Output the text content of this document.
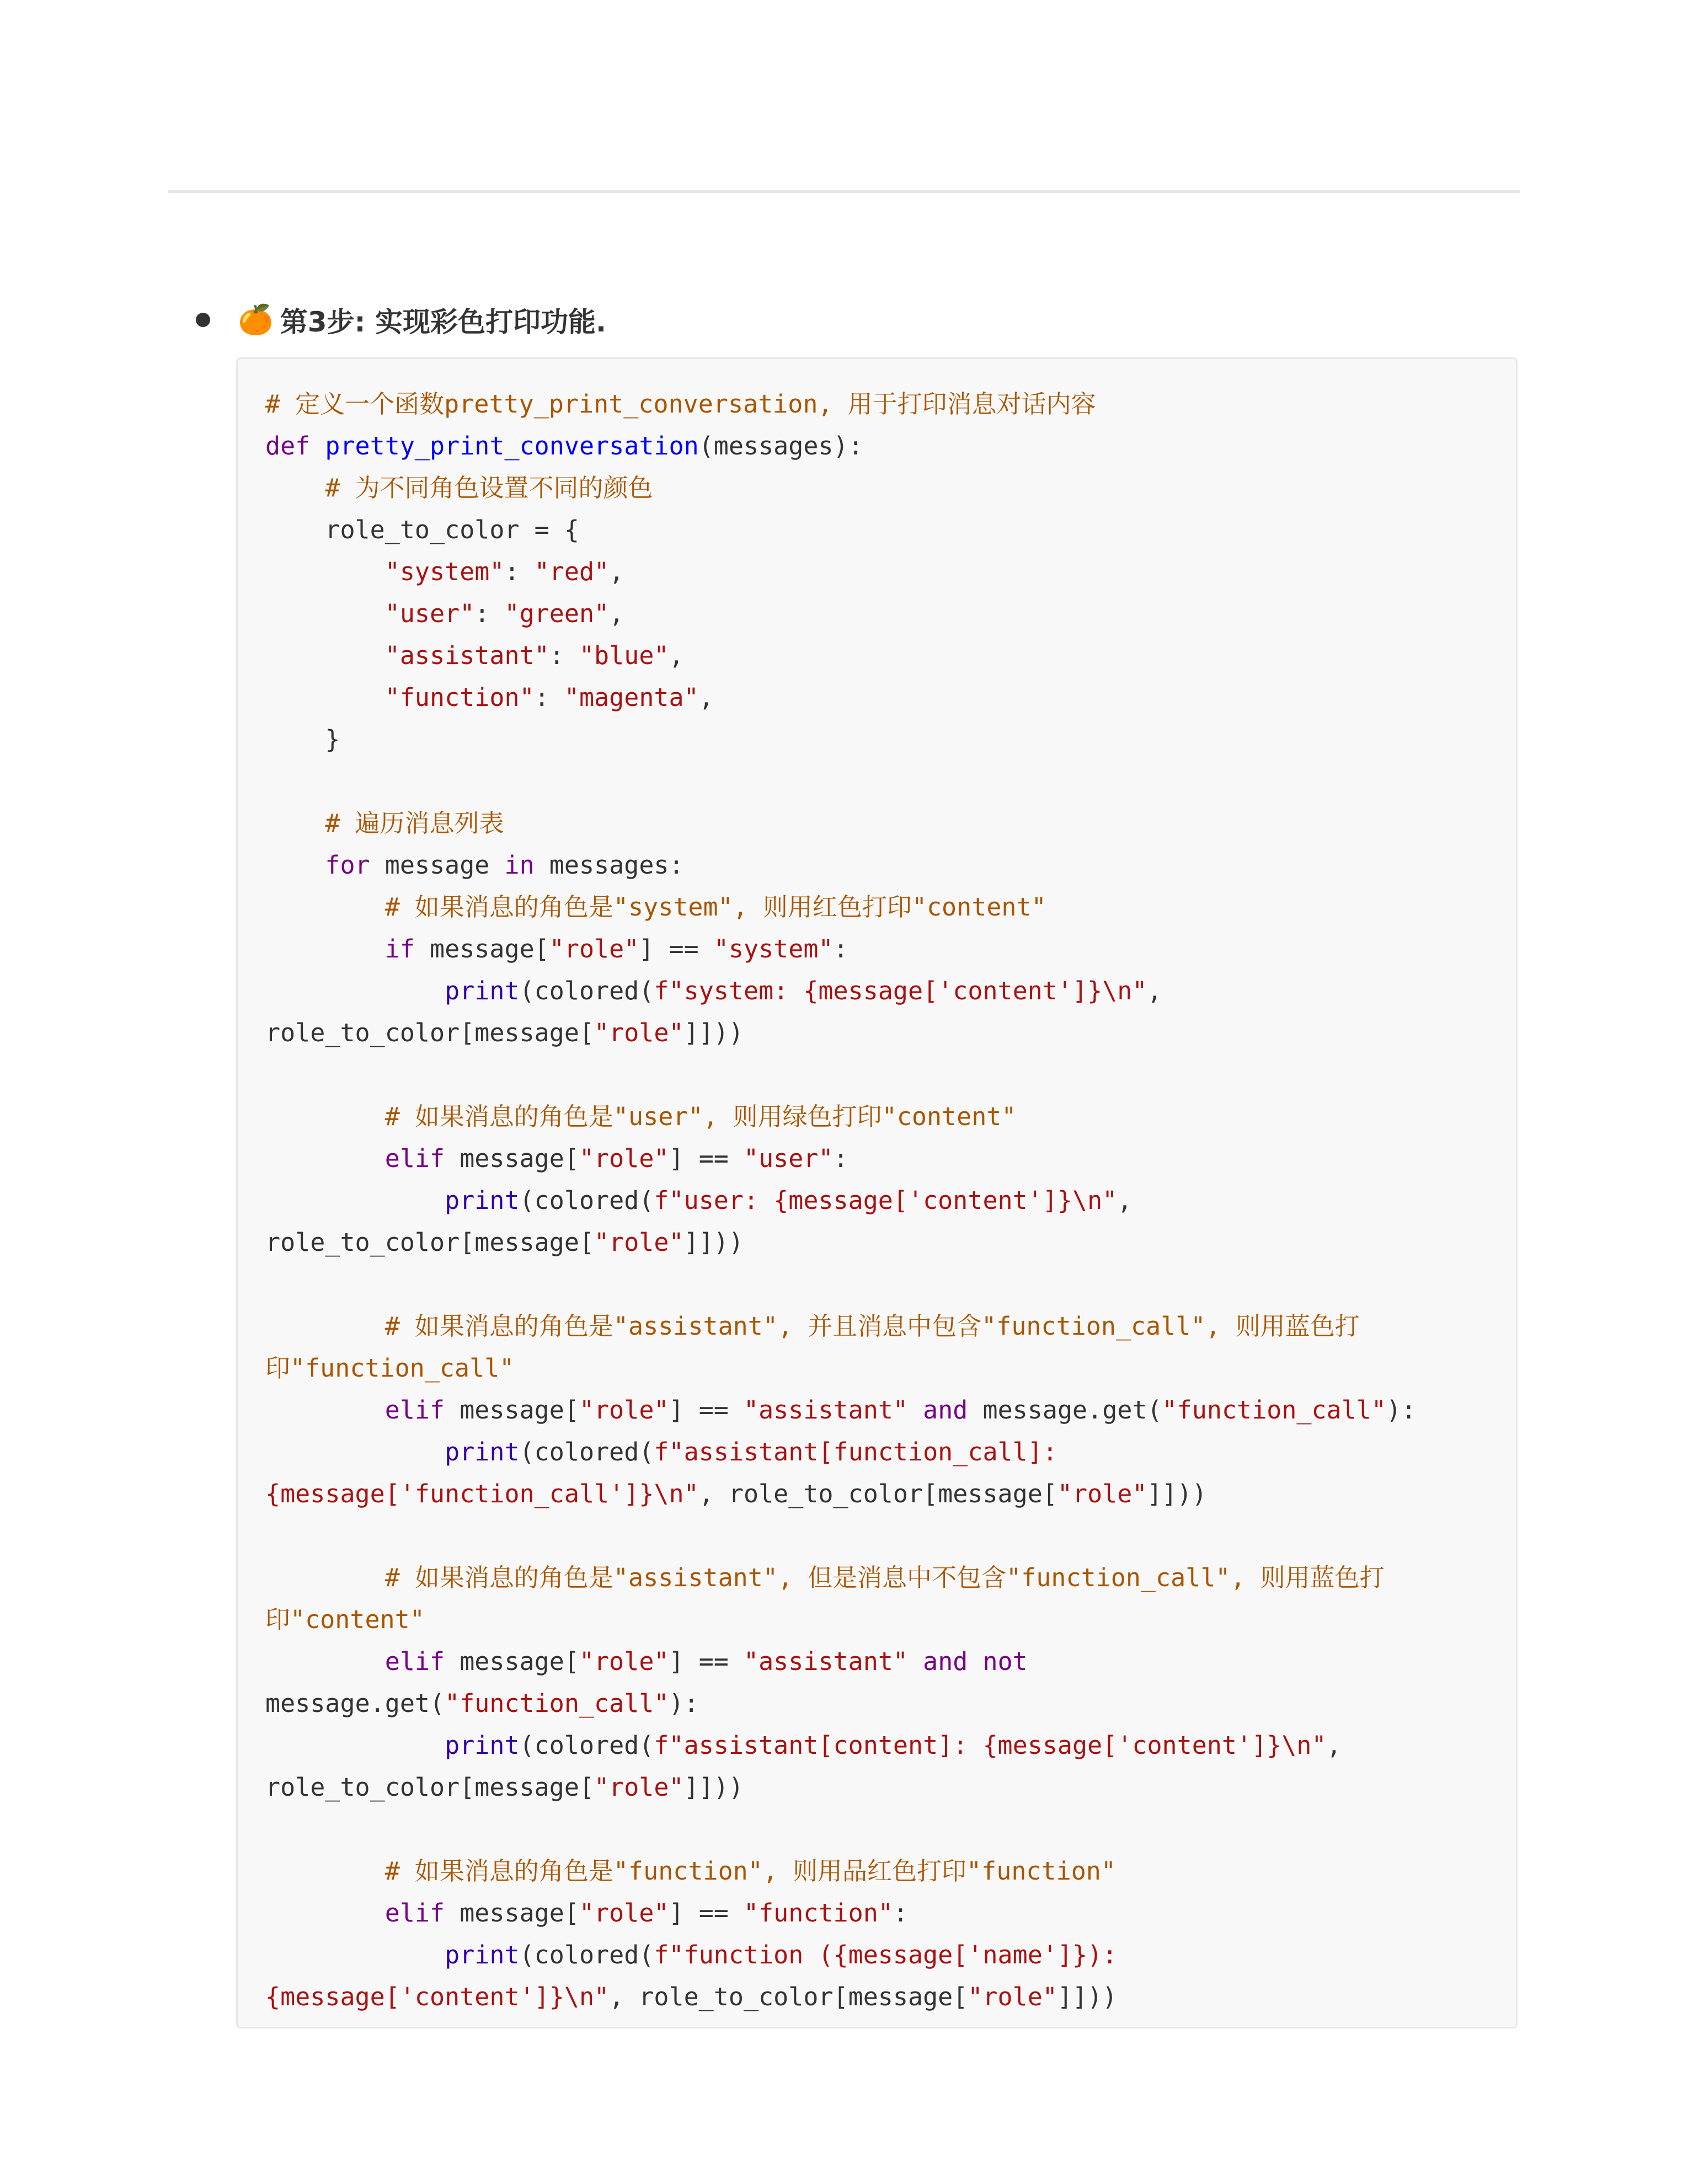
🍊 第3步: 实现彩色打印功能.
# 定义一个函数pretty_print_conversation, 用于打印消息对话内容
def pretty_print_conversation(messages):
# 为不同角色设置不同的颜色
role_to_color = {
"system": "red",
"user": "green",
"assistant": "blue",
"function": "magenta",
}
# 遍历消息列表
for message in messages:
# 如果消息的角色是"system", 则用红色打印"content"
if message["role"] == "system":
print(colored(f"system: {message['content']}\n",
role_to_color[message["role"]]))
# 如果消息的角色是"user", 则用绿色打印"content"
elif message["role"] == "user":
print(colored(f"user: {message['content']}\n",
role_to_color[message["role"]]))
# 如果消息的角色是"assistant", 并且消息中包含"function_call", 则用蓝色打
印"function_call"
elif message["role"] == "assistant" and message.get("function_call"):
print(colored(f"assistant[function_call]:
{message['function_call']}\n", role_to_color[message["role"]]))
# 如果消息的角色是"assistant", 但是消息中不包含"function_call", 则用蓝色打
印"content"
elif message["role"] == "assistant" and not
message.get("function_call"):
print(colored(f"assistant[content]: {message['content']}\n",
role_to_color[message["role"]]))
# 如果消息的角色是"function", 则用品红色打印"function"
elif message["role"] == "function":
print(colored(f"function ({message['name']}):
{message['content']}\n", role_to_color[message["role"]]))
